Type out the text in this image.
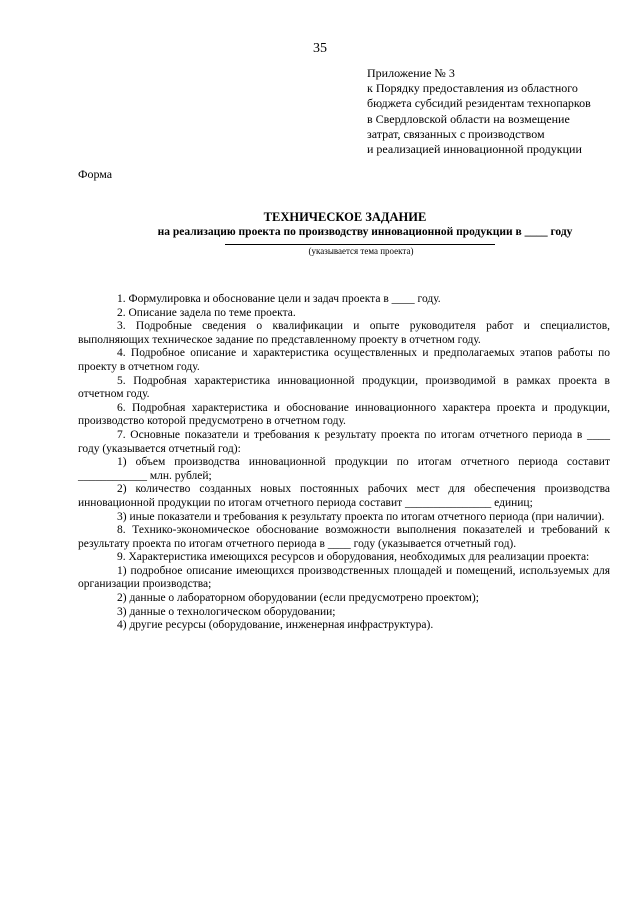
35
Приложение № 3
к Порядку предоставления из областного
бюджета субсидий резидентам технопарков
в Свердловской области на возмещение
затрат, связанных с производством
и реализацией инновационной продукции
Форма
ТЕХНИЧЕСКОЕ ЗАДАНИЕ
на реализацию проекта по производству инновационной продукции в ____ году
(указывается тема проекта)

1. Формулировка и обоснование цели и задач проекта в ____ году.

2. Описание задела по теме проекта.

3. Подробные сведения о квалификации и опыте руководителя работ и специалистов, выполняющих техническое задание по представленному проекту в отчетном году.

4. Подробное описание и характеристика осуществленных и предполагаемых этапов работы по проекту в отчетном году.

5. Подробная характеристика инновационной продукции, производимой в рамках проекта в отчетном году.

6. Подробная характеристика и обоснование инновационного характера проекта и продукции, производство которой предусмотрено в отчетном году.

7. Основные показатели и требования к результату проекта по итогам отчетного периода в ____ году (указывается отчетный год):

1) объем производства инновационной продукции по итогам отчетного периода составит ____________ млн. рублей;

2) количество созданных новых постоянных рабочих мест для обеспечения производства инновационной продукции по итогам отчетного периода составит _______________ единиц;

3) иные показатели и требования к результату проекта по итогам отчетного периода (при наличии).

8. Технико-экономическое обоснование возможности выполнения показателей и требований к результату проекта по итогам отчетного периода в ____ году (указывается отчетный год).

9. Характеристика имеющихся ресурсов и оборудования, необходимых для реализации проекта:

1) подробное описание имеющихся производственных площадей и помещений, используемых для организации производства;

2) данные о лабораторном оборудовании (если предусмотрено проектом);

3) данные о технологическом оборудовании;

4) другие ресурсы (оборудование, инженерная инфраструктура).
